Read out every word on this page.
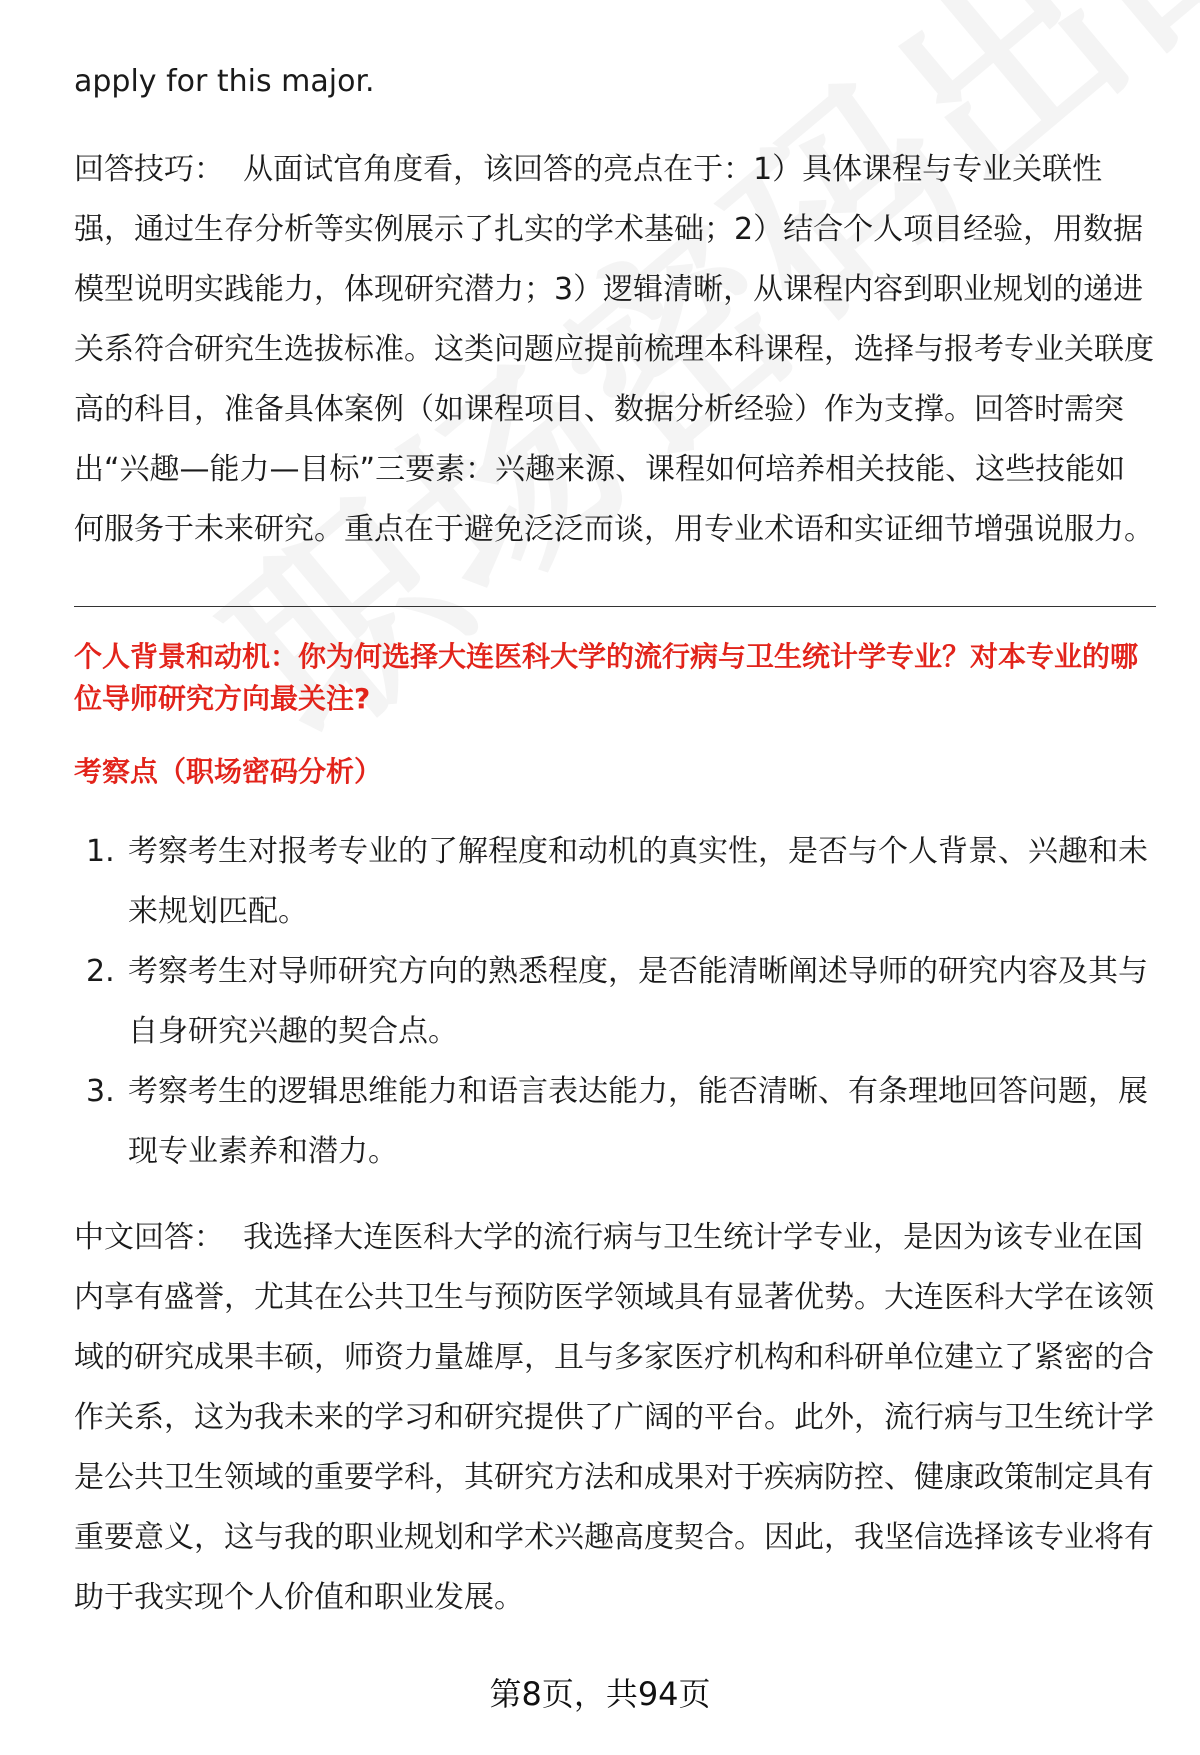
apply for this major.

回答技巧： 从面试官角度看，该回答的亮点在于：1）具体课程与专业关联性强，通过生存分析等实例展示了扎实的学术基础；2）结合个人项目经验，用数据模型说明实践能力，体现研究潜力；3）逻辑清晰，从课程内容到职业规划的递进关系符合研究生选拔标准。这类问题应提前梳理本科课程，选择与报考专业关联度高的科目，准备具体案例（如课程项目、数据分析经验）作为支撑。回答时需突出“兴趣—能力—目标”三要素：兴趣来源、课程如何培养相关技能、这些技能如何服务于未来研究。重点在于避免泛泛而谈，用专业术语和实证细节增强说服力。

个人背景和动机：你为何选择大连医科大学的流行病与卫生统计学专业？对本专业的哪位导师研究方向最关注?

考察点（职场密码分析）

1. 考察考生对报考专业的了解程度和动机的真实性，是否与个人背景、兴趣和未来规划匹配。
2. 考察考生对导师研究方向的熟悉程度，是否能清晰阐述导师的研究内容及其与自身研究兴趣的契合点。
3. 考察考生的逻辑思维能力和语言表达能力，能否清晰、有条理地回答问题，展现专业素养和潜力。

中文回答： 我选择大连医科大学的流行病与卫生统计学专业，是因为该专业在国内享有盛誉，尤其在公共卫生与预防医学领域具有显著优势。大连医科大学在该领域的研究成果丰硕，师资力量雄厚，且与多家医疗机构和科研单位建立了紧密的合作关系，这为我未来的学习和研究提供了广阔的平台。此外，流行病与卫生统计学是公共卫生领域的重要学科，其研究方法和成果对于疾病防控、健康政策制定具有重要意义，这与我的职业规划和学术兴趣高度契合。因此，我坚信选择该专业将有助于我实现个人价值和职业发展。

第8页，共94页
